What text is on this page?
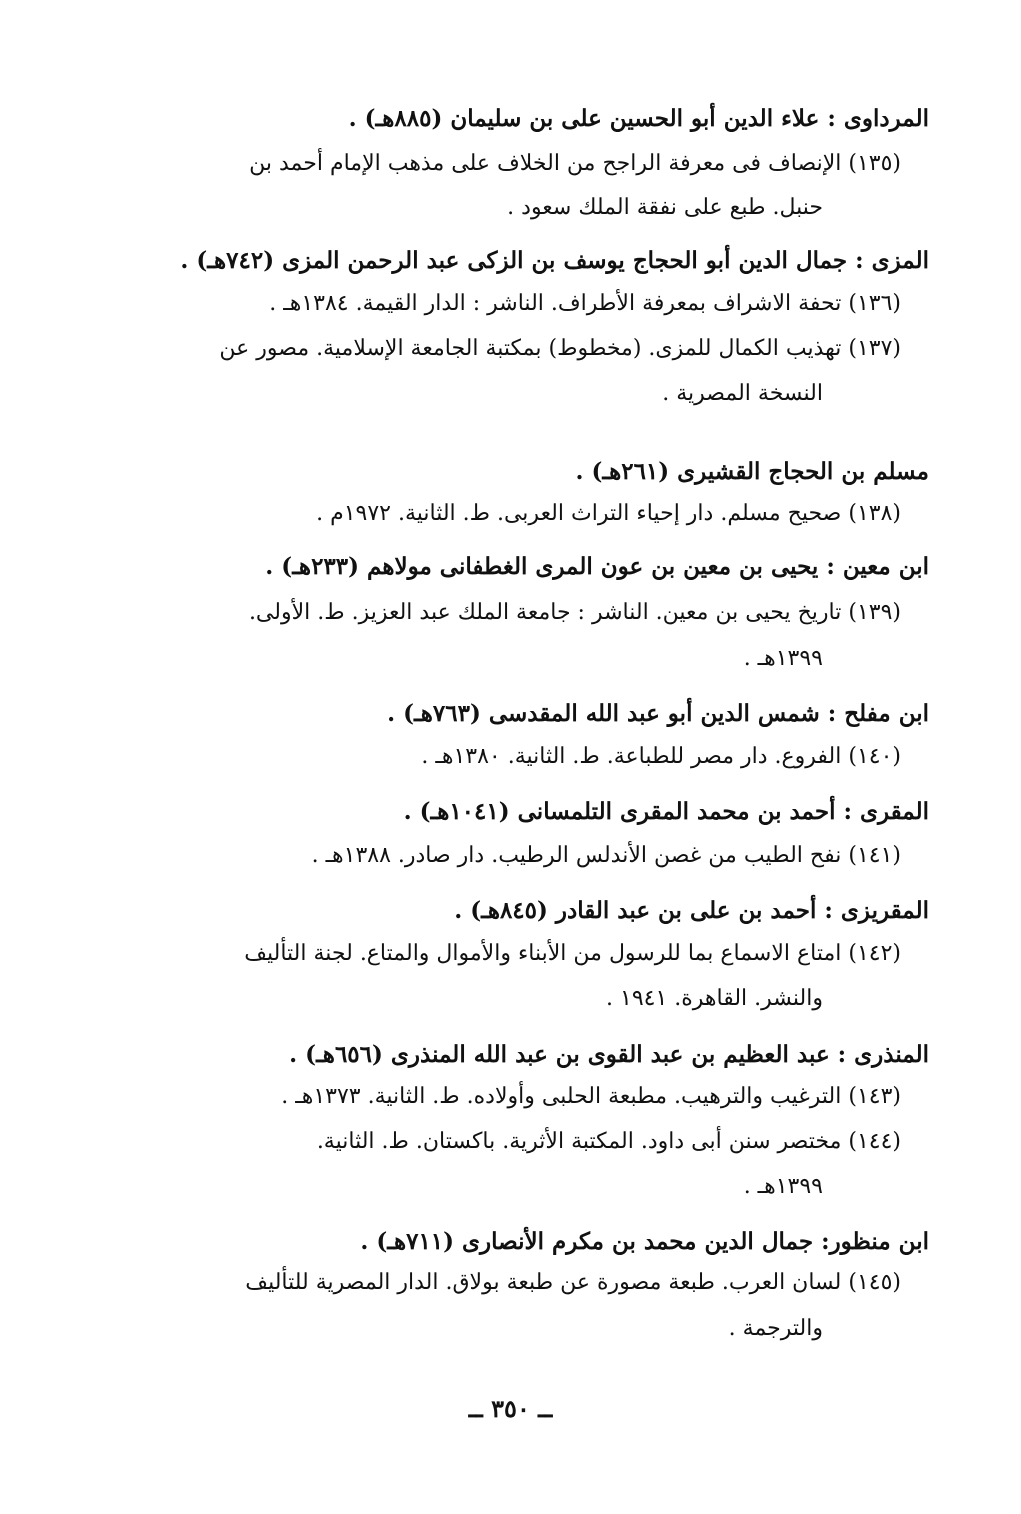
المرداوى : علاء الدين أبو الحسين على بن سليمان (٨٨٥هـ) .
(١٣٥) الإنصاف فى معرفة الراجح من الخلاف على مذهب الإمام أحمد بن
حنبل. طبع على نفقة الملك سعود .
المزى : جمال الدين أبو الحجاج يوسف بن الزكى عبد الرحمن المزى (٧٤٢هـ) .
(١٣٦) تحفة الاشراف بمعرفة الأطراف. الناشر : الدار القيمة. ١٣٨٤هـ .
(١٣٧) تهذيب الكمال للمزى. (مخطوط) بمكتبة الجامعة الإسلامية. مصور عن
النسخة المصرية .
مسلم بن الحجاج القشيرى (٢٦١هـ) .
(١٣٨) صحيح مسلم. دار إحياء التراث العربى. ط. الثانية. ١٩٧٢م .
ابن معين : يحيى بن معين بن عون المرى الغطفانى مولاهم (٢٣٣هـ) .
(١٣٩) تاريخ يحيى بن معين. الناشر : جامعة الملك عبد العزيز. ط. الأولى.
١٣٩٩هـ .
ابن مفلح : شمس الدين أبو عبد الله المقدسى (٧٦٣هـ) .
(١٤٠) الفروع. دار مصر للطباعة. ط. الثانية. ١٣٨٠هـ .
المقرى : أحمد بن محمد المقرى التلمسانى (١٠٤١هـ) .
(١٤١) نفح الطيب من غصن الأندلس الرطيب. دار صادر. ١٣٨٨هـ .
المقريزى : أحمد بن على بن عبد القادر (٨٤٥هـ) .
(١٤٢) امتاع الاسماع بما للرسول من الأبناء والأموال والمتاع. لجنة التأليف
والنشر. القاهرة. ١٩٤١ .
المنذرى : عبد العظيم بن عبد القوى بن عبد الله المنذرى (٦٥٦هـ) .
(١٤٣) الترغيب والترهيب. مطبعة الحلبى وأولاده. ط. الثانية. ١٣٧٣هـ .
(١٤٤) مختصر سنن أبى داود. المكتبة الأثرية. باكستان. ط. الثانية.
١٣٩٩هـ .
ابن منظور: جمال الدين محمد بن مكرم الأنصارى (٧١١هـ) .
(١٤٥) لسان العرب. طبعة مصورة عن طبعة بولاق. الدار المصرية للتأليف
والترجمة .
ــ ٣٥٠ ــ
